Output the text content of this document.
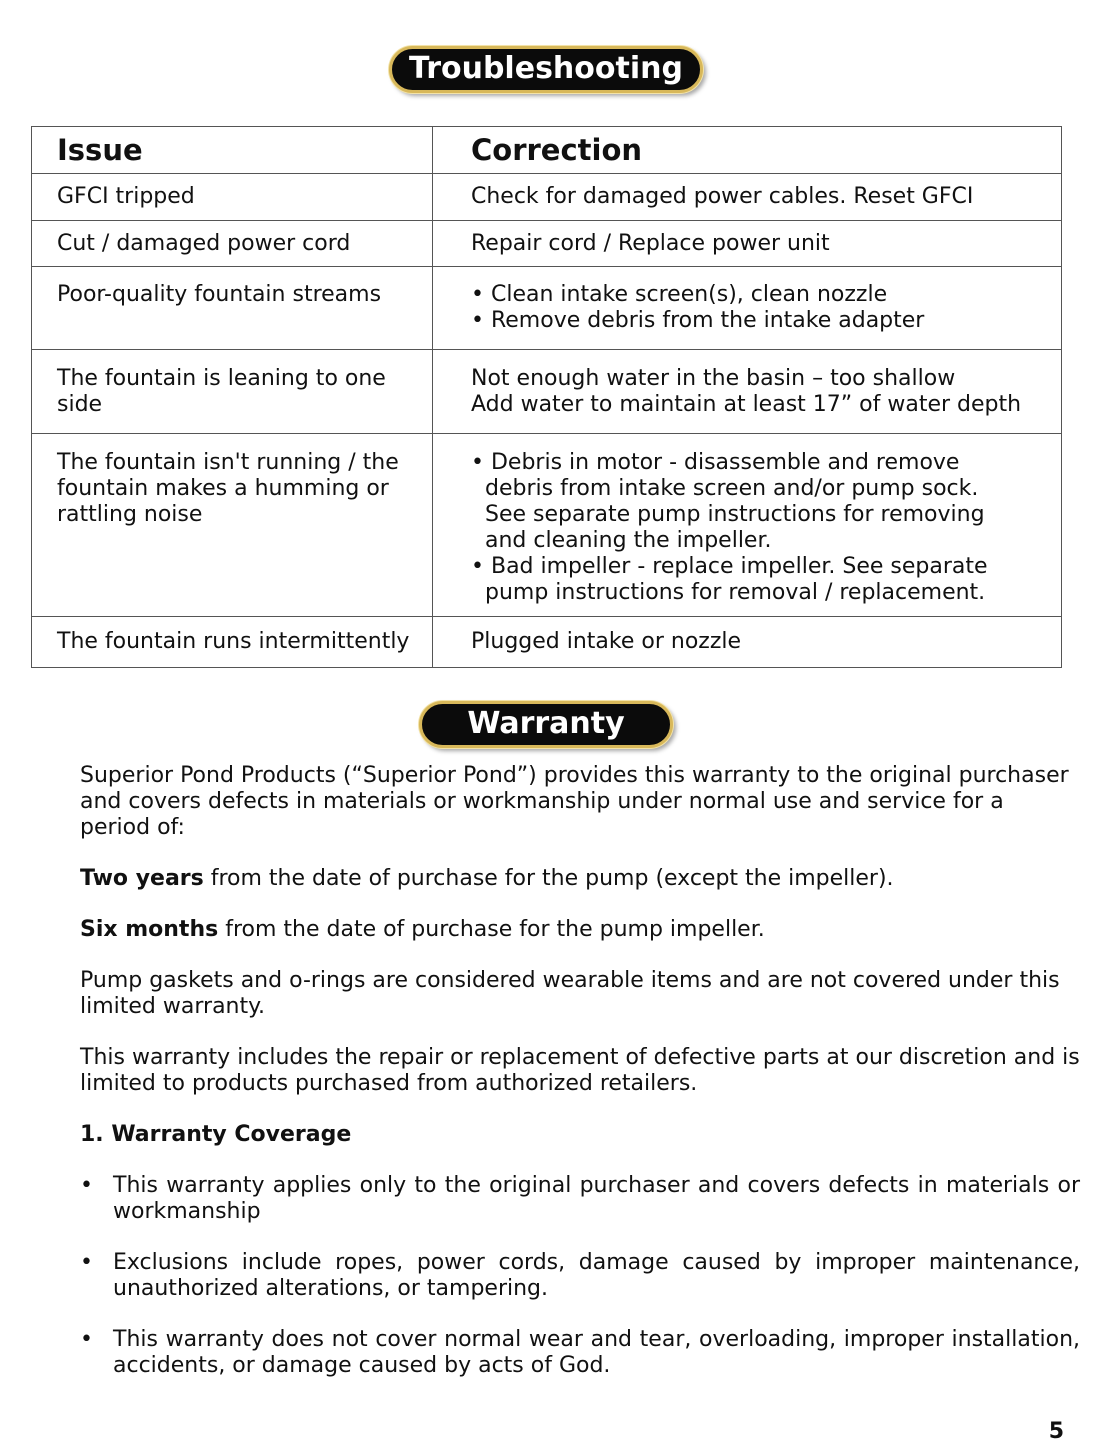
Troubleshooting
Issue	Correction
GFCI tripped	Check for damaged power cables. Reset GFCI
Cut / damaged power cord	Repair cord / Replace power unit
Poor-quality fountain streams	• Clean intake screen(s), clean nozzle
• Remove debris from the intake adapter

The fountain is leaning to one side	Not enough water in the basin – too shallow
Add water to maintain at least 17” of water depth

The fountain isn't running / the fountain makes a humming or rattling noise	• Debris in motor - disassemble and remove debris from intake screen and/or pump sock. See separate pump instructions for removing and cleaning the impeller.
• Bad impeller - replace impeller. See separate pump instructions for removal / replacement.

The fountain runs intermittently	Plugged intake or nozzle
Warranty

Superior Pond Products (“Superior Pond”) provides this warranty to the original purchaser and covers defects in materials or workmanship under normal use and service for a period of:

Two years from the date of purchase for the pump (except the impeller).

Six months from the date of purchase for the pump impeller.

Pump gaskets and o-rings are considered wearable items and are not covered under this limited warranty.

This warranty includes the repair or replacement of defective parts at our discretion and is limited to products purchased from authorized retailers.

1. Warranty Coverage
• This warranty applies only to the original purchaser and covers defects in materials or workmanship
• Exclusions include ropes, power cords, damage caused by improper maintenance, unauthorized alterations, or tampering.
• This warranty does not cover normal wear and tear, overloading, improper installation, accidents, or damage caused by acts of God.
5
